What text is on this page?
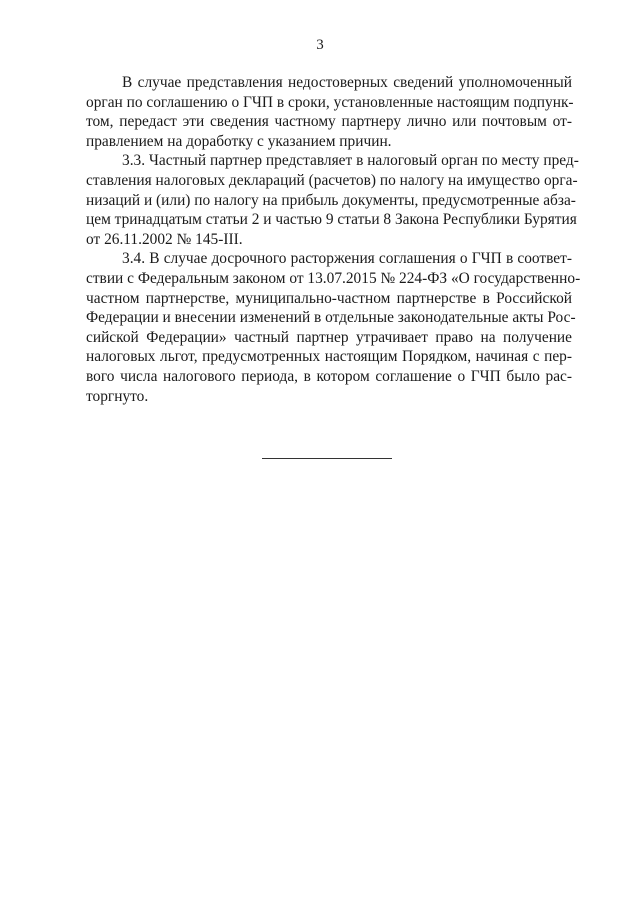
3
В случае представления недостоверных сведений уполномоченный
орган по соглашению о ГЧП в сроки, установленные настоящим подпунк-
том, передаст эти сведения частному партнеру лично или почтовым от-
правлением на доработку с указанием причин.
3.3. Частный партнер представляет в налоговый орган по месту пред-
ставления налоговых деклараций (расчетов) по налогу на имущество орга-
низаций и (или) по налогу на прибыль документы, предусмотренные абза-
цем тринадцатым статьи 2 и частью 9 статьи 8 Закона Республики Бурятия
от 26.11.2002 № 145-III.
3.4. В случае досрочного расторжения соглашения о ГЧП в соответ-
ствии с Федеральным законом от 13.07.2015 № 224-ФЗ «О государственно-
частном партнерстве, муниципально-частном партнерстве в Российской
Федерации и внесении изменений в отдельные законодательные акты Рос-
сийской Федерации» частный партнер утрачивает право на получение
налоговых льгот, предусмотренных настоящим Порядком, начиная с пер-
вого числа налогового периода, в котором соглашение о ГЧП было рас-
торгнуто.
